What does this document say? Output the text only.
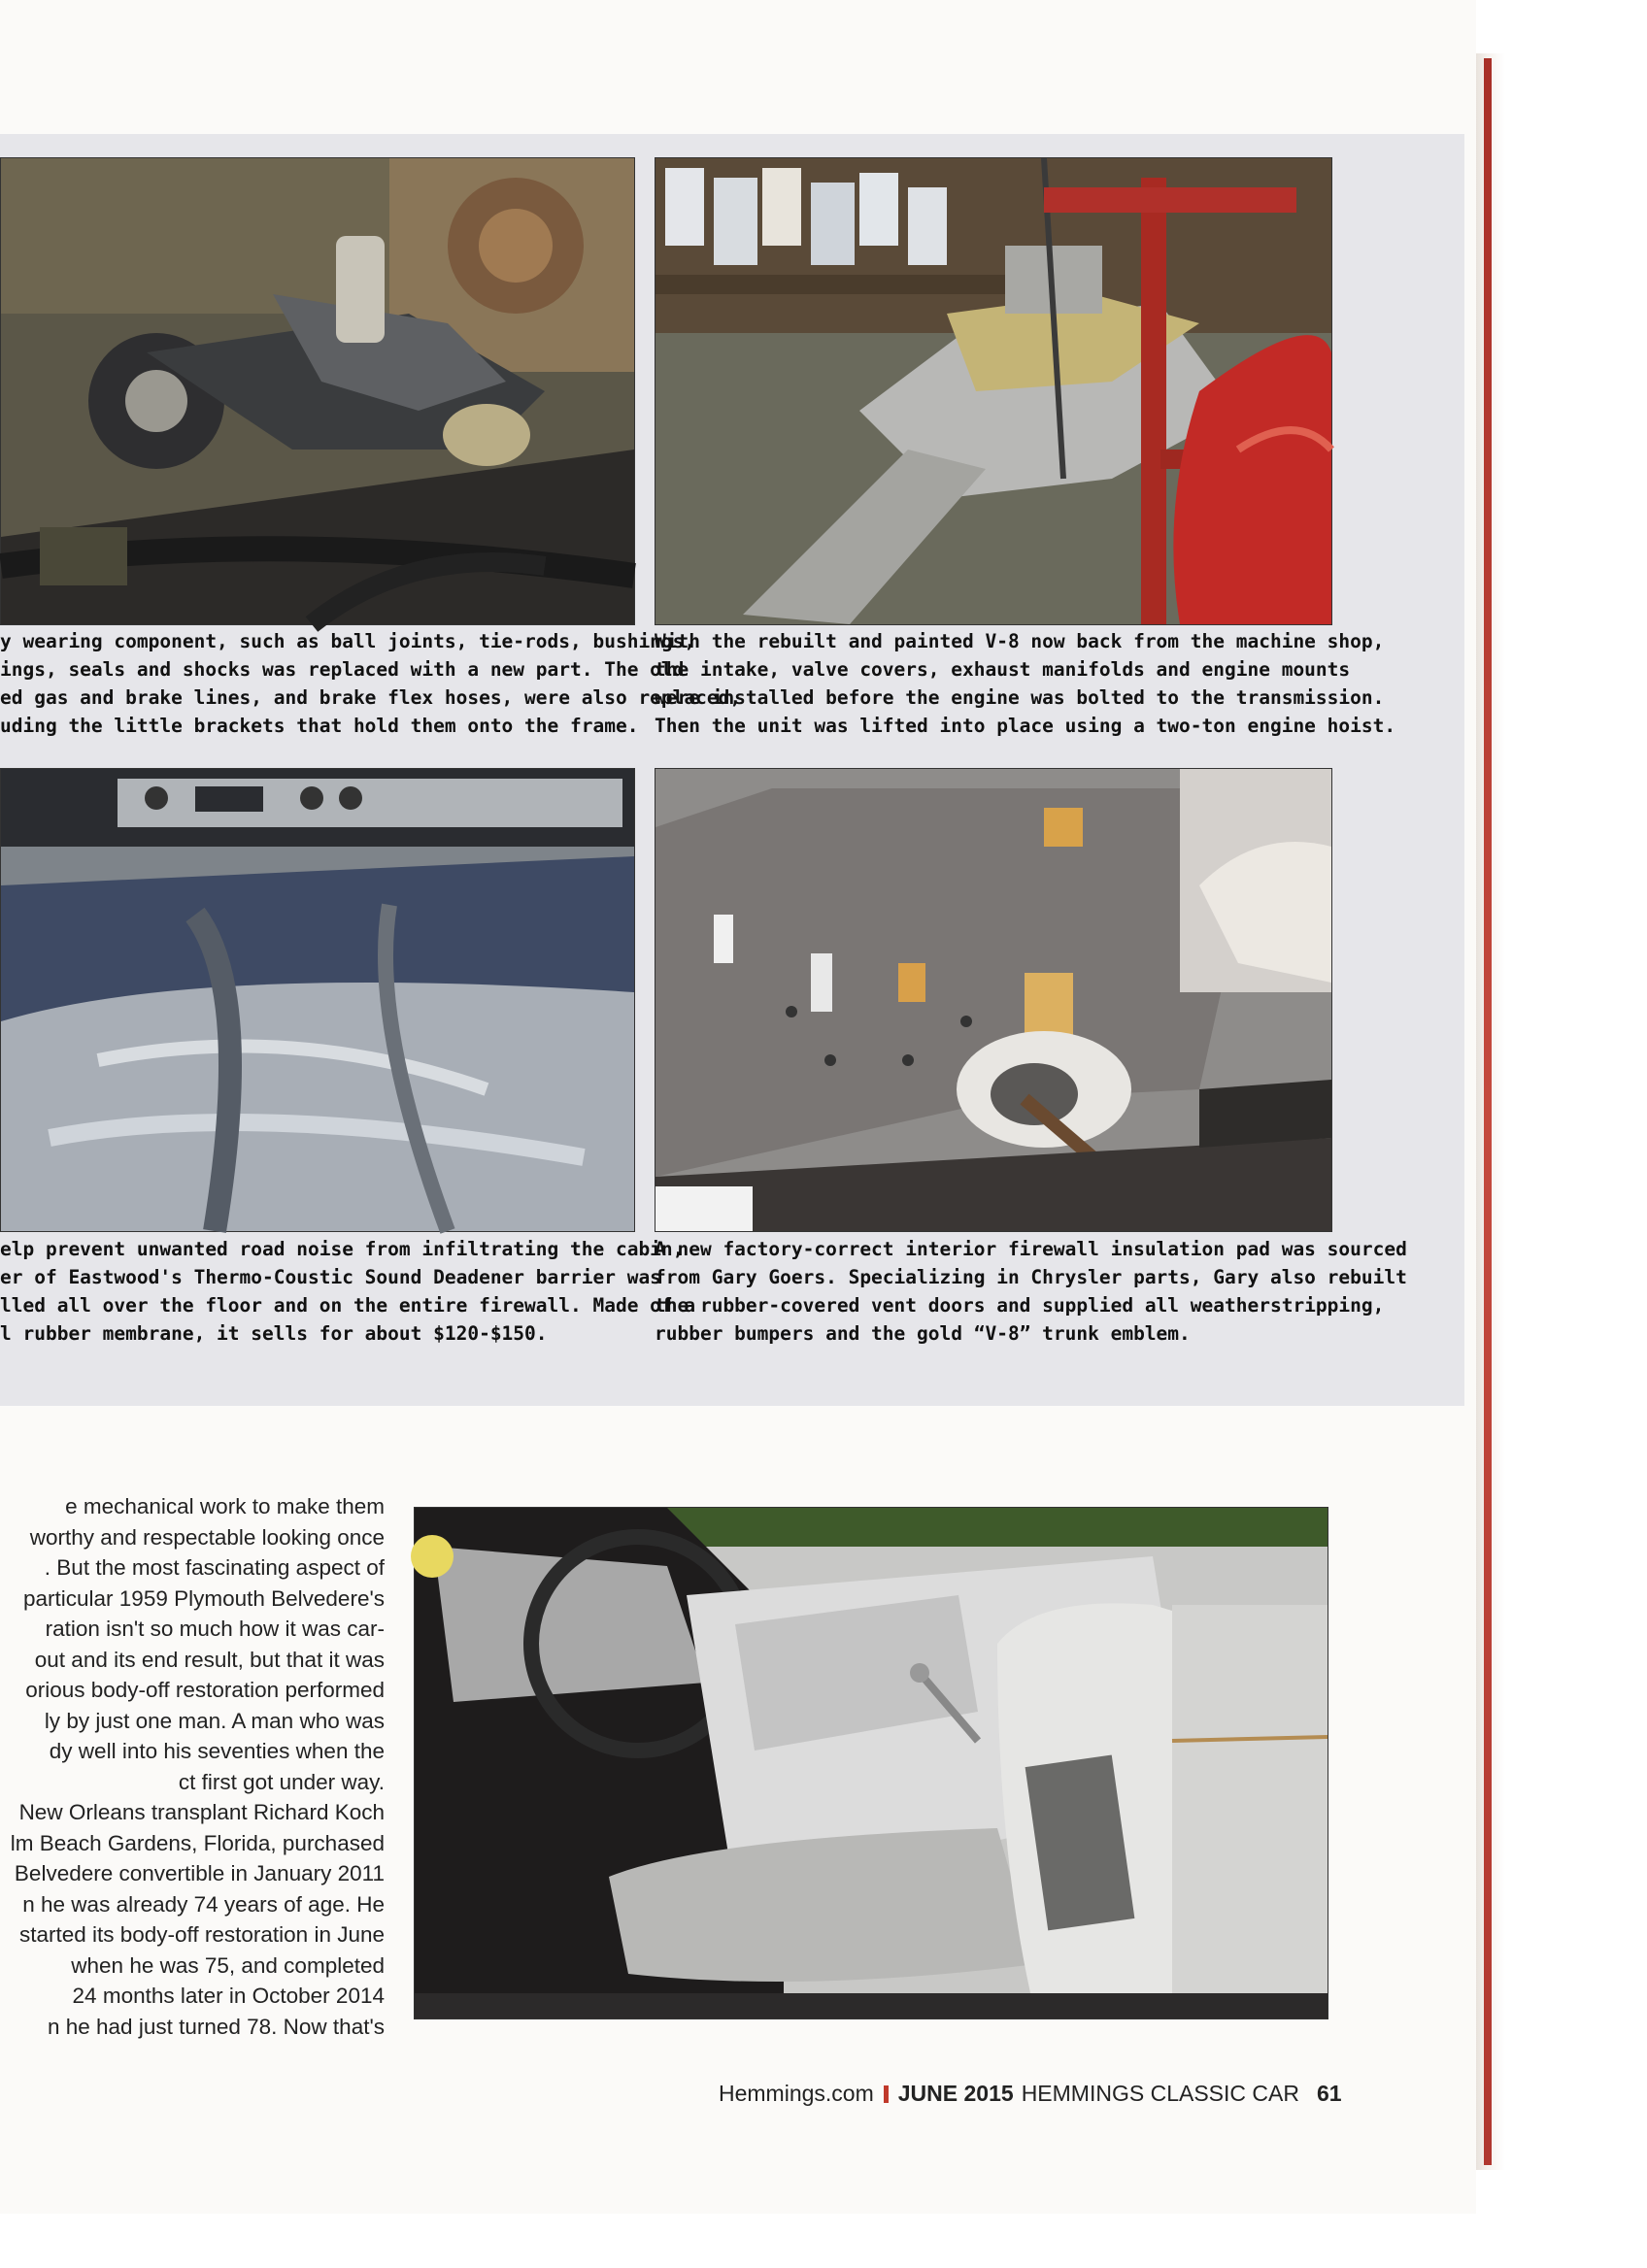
y wearing component, such as ball joints, tie-rods, bushings,

ings, seals and shocks was replaced with a new part. The old

ed gas and brake lines, and brake flex hoses, were also replaced,

uding the little brackets that hold them onto the frame.

With the rebuilt and painted V-8 now back from the machine shop,

the intake, valve covers, exhaust manifolds and engine mounts

were installed before the engine was bolted to the transmission.

Then the unit was lifted into place using a two-ton engine hoist.

elp prevent unwanted road noise from infiltrating the cabin,

er of Eastwood's Thermo-Coustic Sound Deadener barrier was

lled all over the floor and on the entire firewall. Made of a

l rubber membrane, it sells for about $120-$150.

A new factory-correct interior firewall insulation pad was sourced

from Gary Goers. Specializing in Chrysler parts, Gary also rebuilt

the rubber-covered vent doors and supplied all weatherstripping,

rubber bumpers and the gold “V-8” trunk emblem.

e mechanical work to make them

worthy and respectable looking once

. But the most fascinating aspect of

particular 1959 Plymouth Belvedere's

ration isn't so much how it was car-

out and its end result, but that it was

orious body-off restoration performed

ly by just one man. A man who was

dy well into his seventies when the

ct first got under way.

New Orleans transplant Richard Koch

lm Beach Gardens, Florida, purchased

Belvedere convertible in January 2011

n he was already 74 years of age. He

started its body-off restoration in June

when he was 75, and completed

24 months later in October 2014

n he had just turned 78. Now that's

Hemmings.com JUNE 2015 HEMMINGS CLASSIC CAR 61
